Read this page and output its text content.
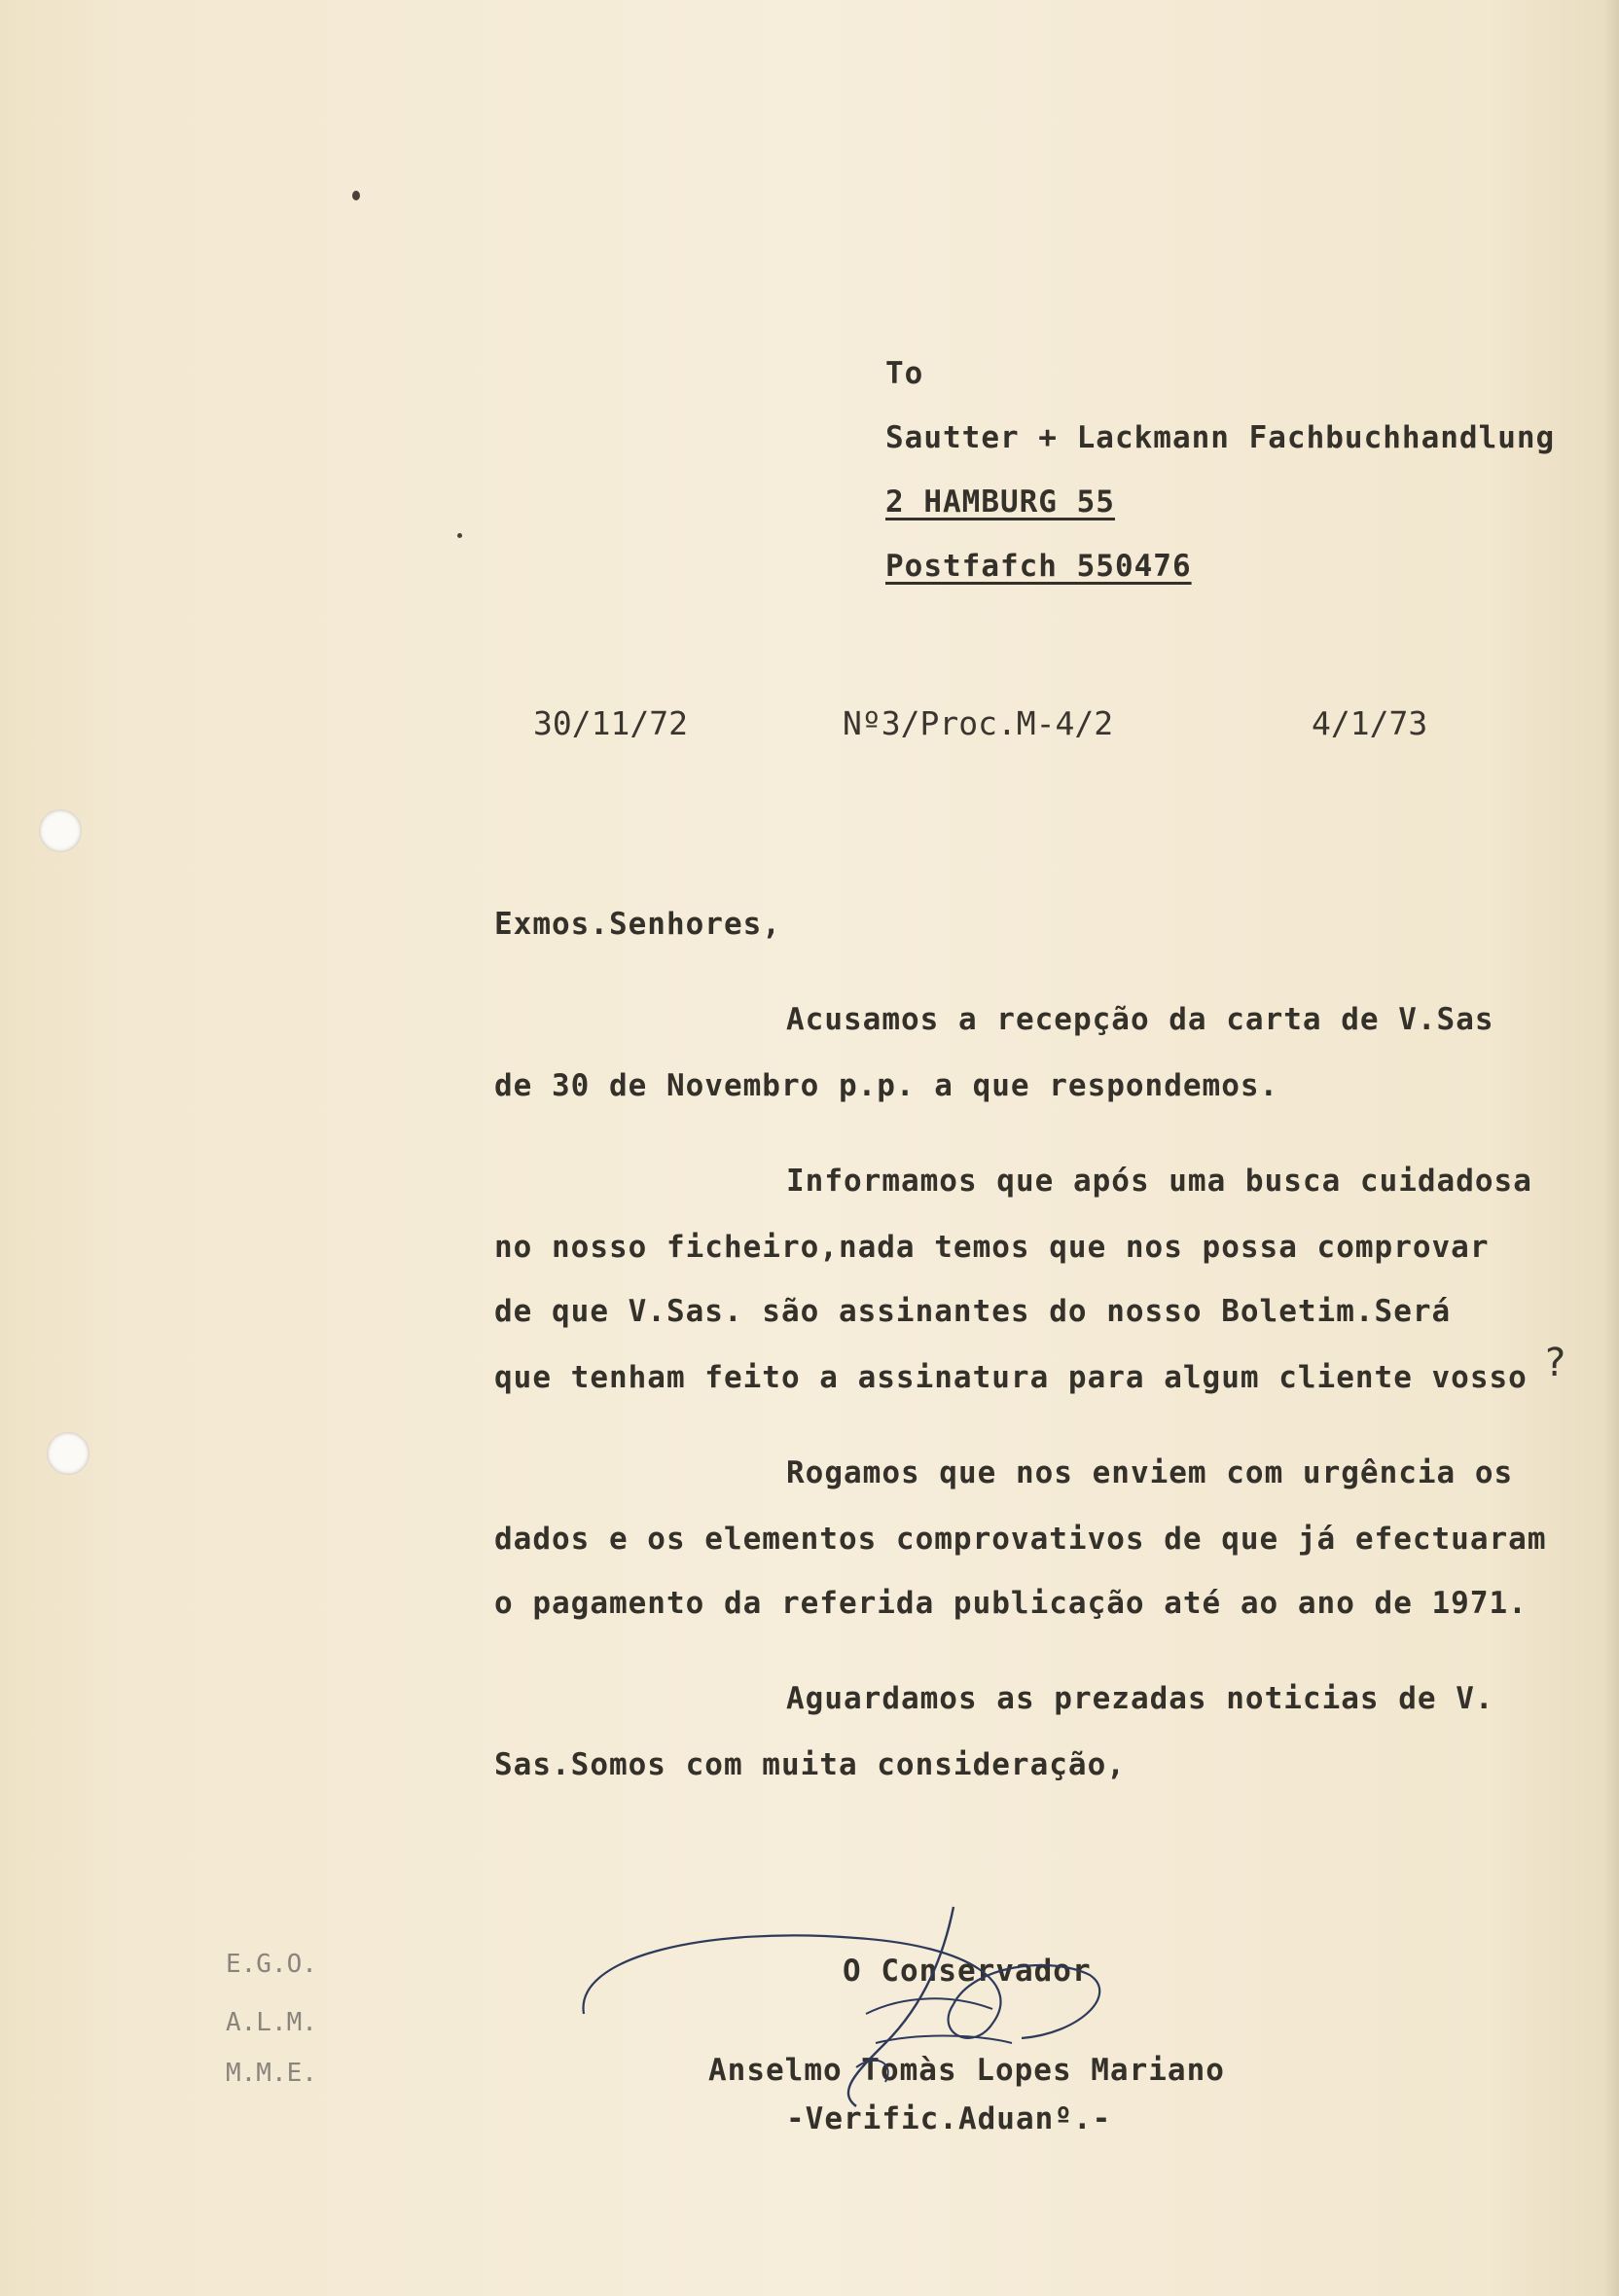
To
Sautter + Lackmann Fachbuchhandlung
2 HAMBURG 55
Postfafch 550476
30/11/72	Nº3/Proc.M-4/2	4/1/73
Exmos.Senhores,
Acusamos a recepção da carta de V.Sas
de 30 de Novembro p.p. a que respondemos.
Informamos que após uma busca cuidadosa
no nosso ficheiro,nada temos que nos possa comprovar
de que V.Sas. são assinantes do nosso Boletim.Será
que tenham feito a assinatura para algum cliente vosso ?
Rogamos que nos enviem com urgência os
dados e os elementos comprovativos de que já efectuaram
o pagamento da referida publicação até ao ano de 1971.
Aguardamos as prezadas noticias de V.
Sas.Somos com muita consideração,
E.G.O.
A.L.M.
M.M.E.
O Conservador
Anselmo Tomàs Lopes Mariano
-Verific.Aduanº.-
